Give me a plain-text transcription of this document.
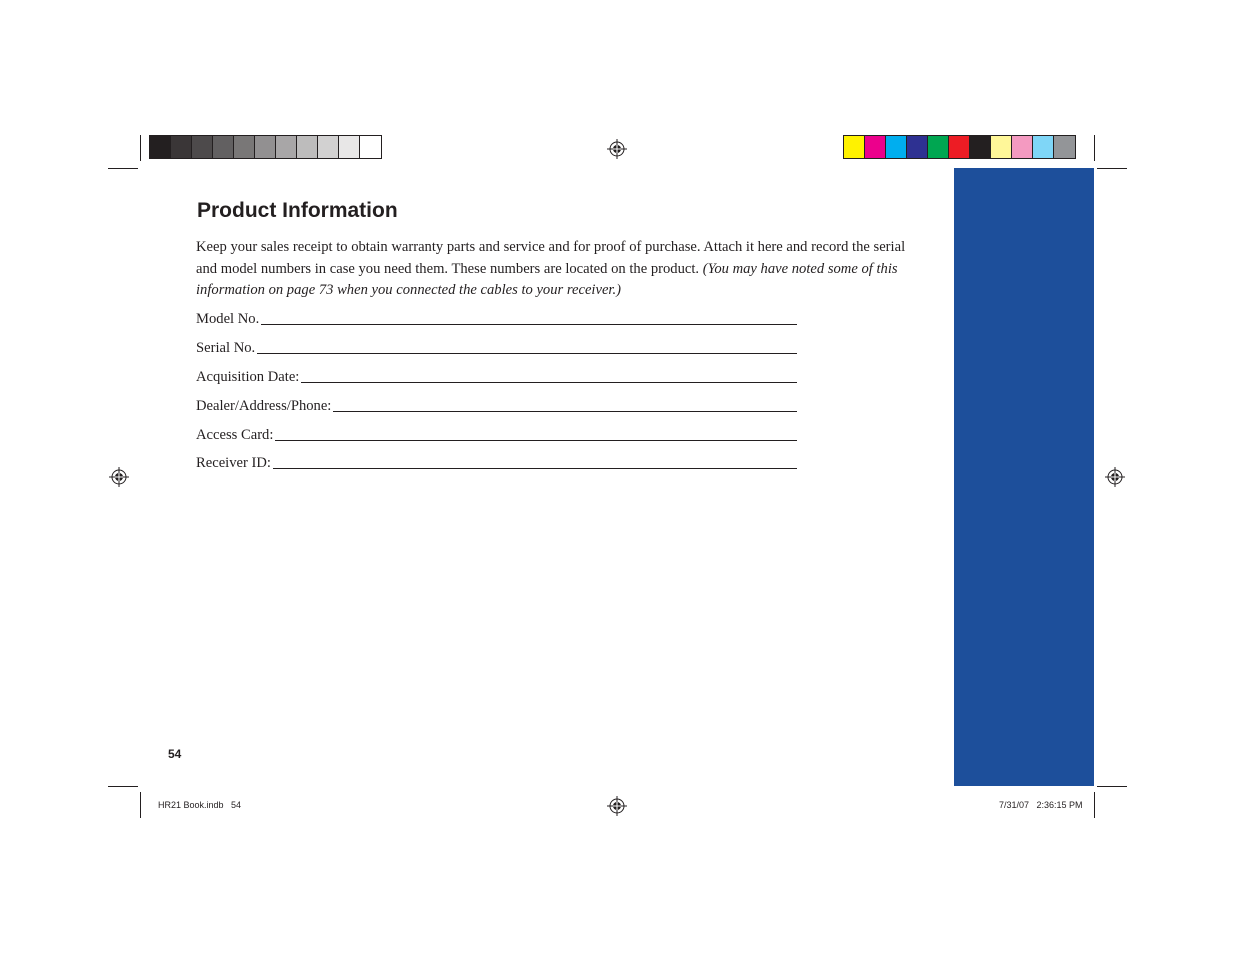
Product Information

Keep your sales receipt to obtain warranty parts and service and for proof of purchase. Attach it here and record the serial and model numbers in case you need them. These numbers are located on the product. (You may have noted some of this information on page 73 when you connected the cables to your receiver.)

Model No.
Serial No.
Acquisition Date:
Dealer/Address/Phone:
Access Card:
Receiver ID:
54
HR21 Book.indb   54	7/31/07   2:36:15 PM
